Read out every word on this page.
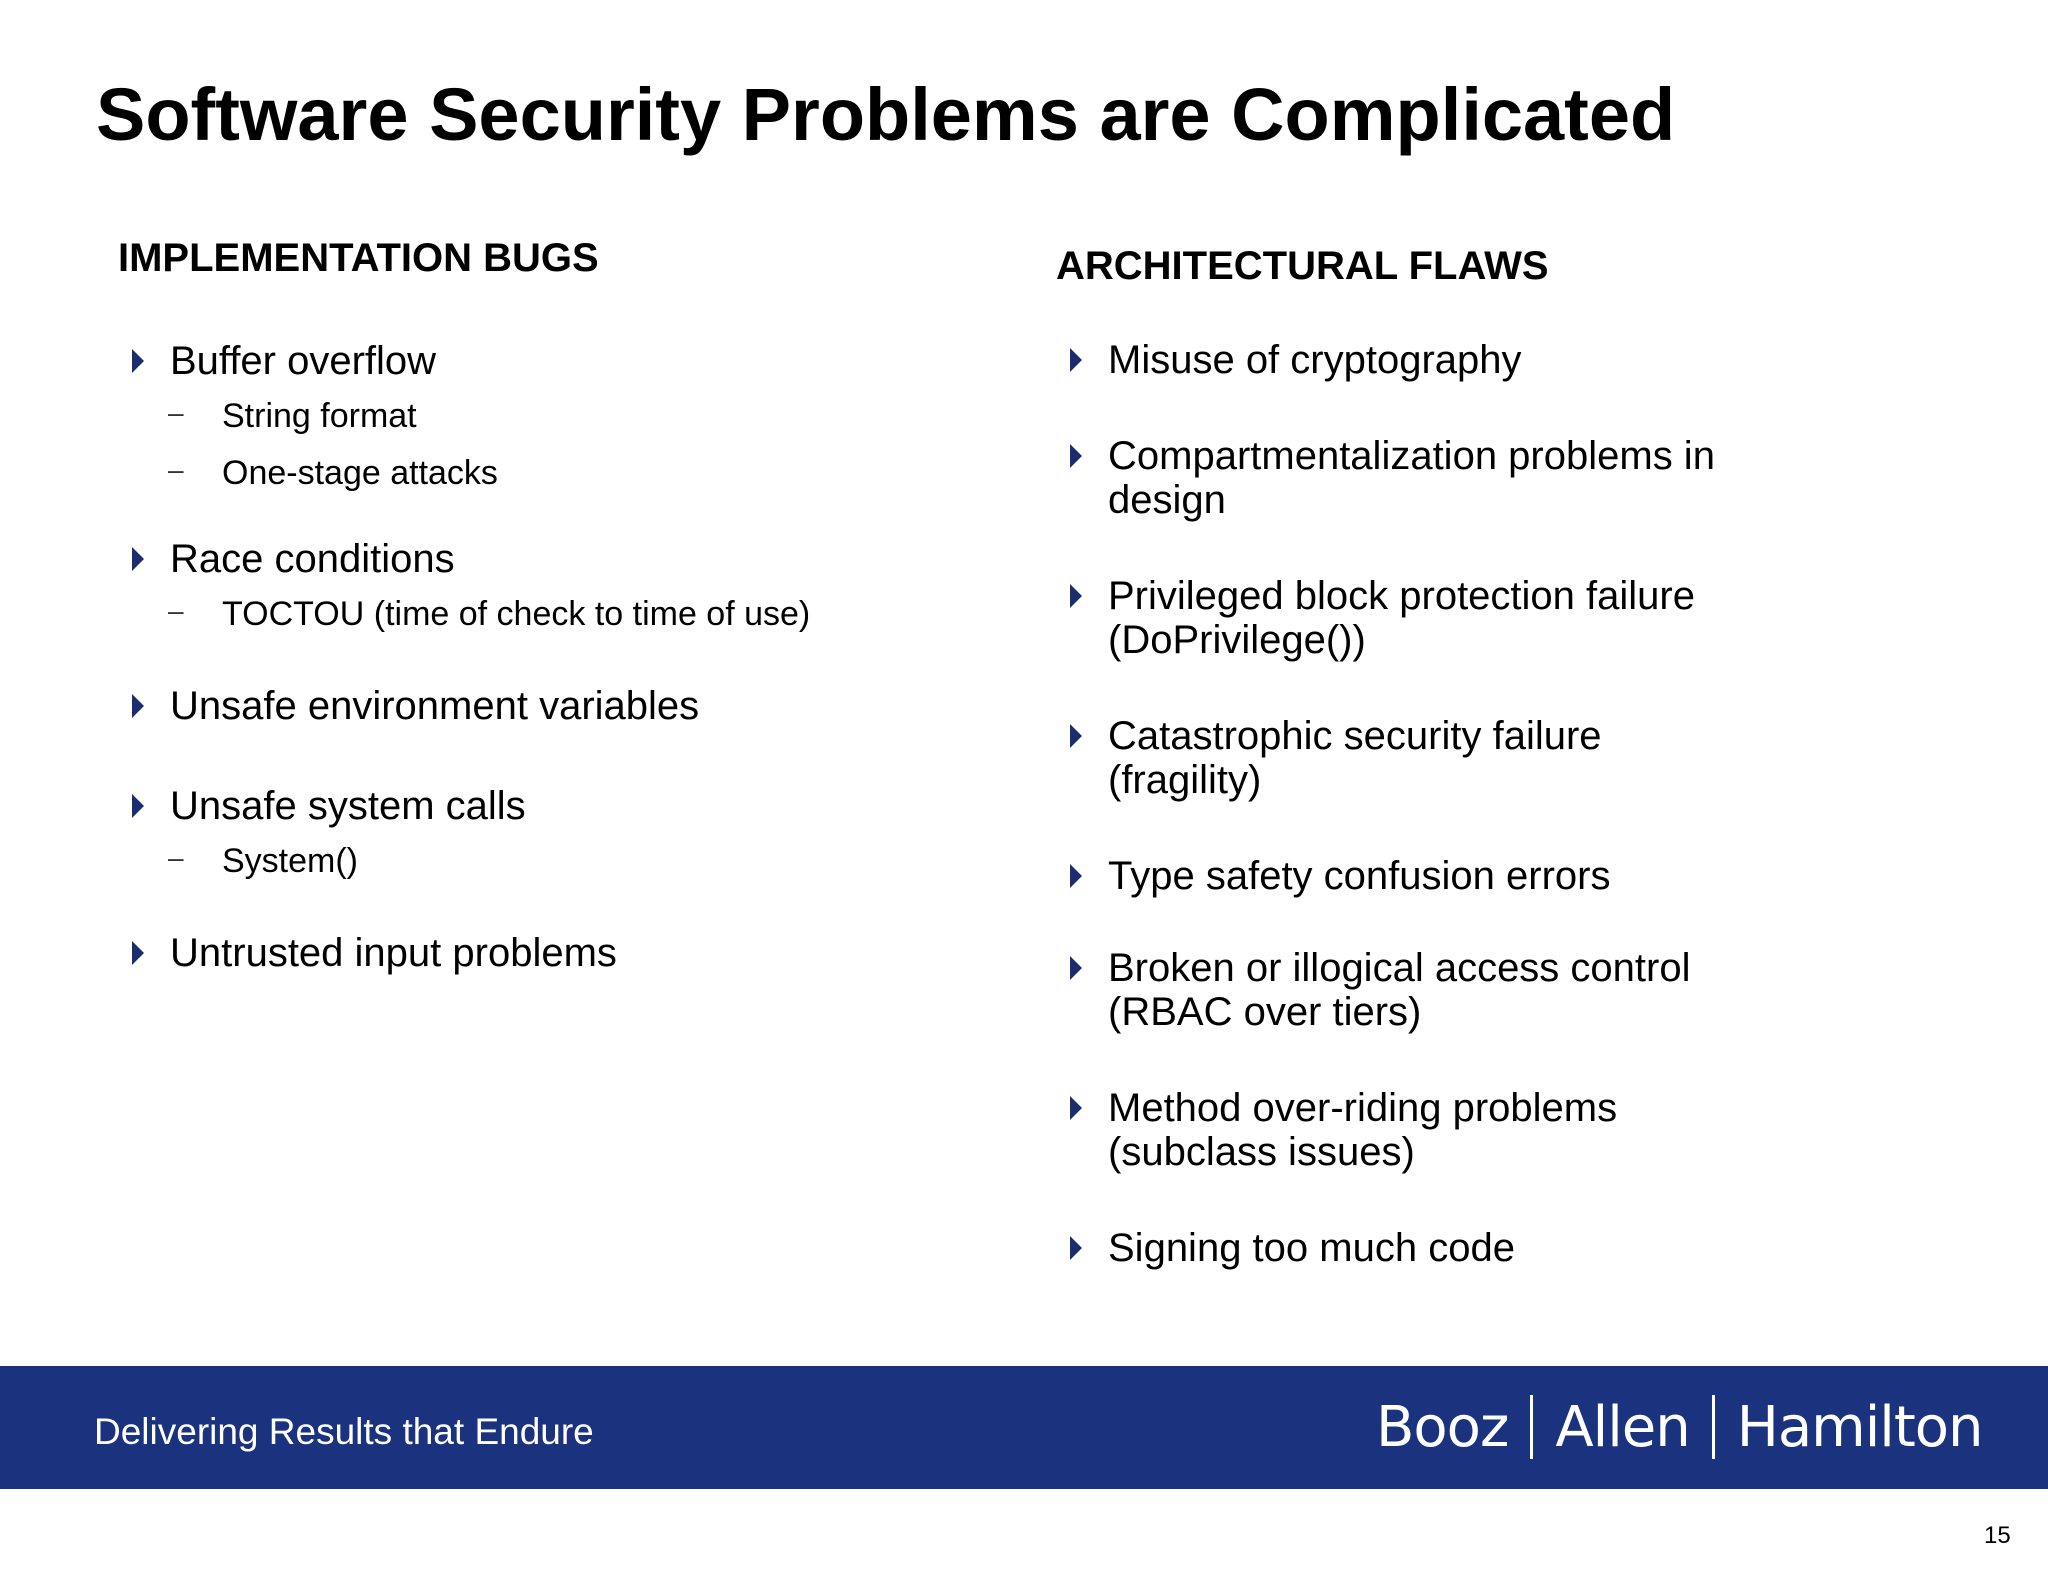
Software Security Problems are Complicated
IMPLEMENTATION BUGS
Buffer overflow
– String format
– One-stage attacks
Race conditions
– TOCTOU (time of check to time of use)
Unsafe environment variables
Unsafe system calls
– System()
Untrusted input problems
ARCHITECTURAL FLAWS
Misuse of cryptography
Compartmentalization problems in design
Privileged block protection failure (DoPrivilege())
Catastrophic security failure (fragility)
Type safety confusion errors
Broken or illogical access control (RBAC over tiers)
Method over-riding problems (subclass issues)
Signing too much code
Delivering Results that Endure	Booz Allen Hamilton
15
